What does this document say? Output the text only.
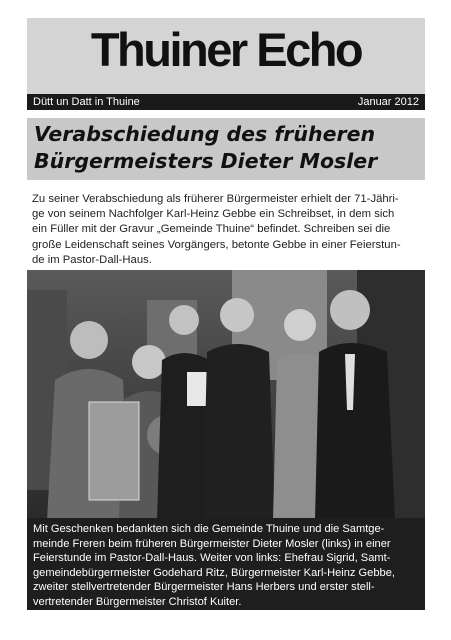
Thuiner Echo
Dütt un Datt in Thuine	Januar 2012
Verabschiedung des früheren
Bürgermeisters Dieter Mosler
Zu seiner Verabschiedung als früherer Bürgermeister erhielt der 71-Jähri-
ge von seinem Nachfolger Karl-Heinz Gebbe ein Schreibset, in dem sich
ein Füller mit der Gravur „Gemeinde Thuine“ befindet. Schreiben sei die
große Leidenschaft seines Vorgängers, betonte Gebbe in einer Feierstun-
de im Pastor-Dall-Haus.
Mit Geschenken bedankten sich die Gemeinde Thuine und die Samtge-
meinde Freren beim früheren Bürgermeister Dieter Mosler (links) in einer
Feierstunde im Pastor-Dall-Haus. Weiter von links: Ehefrau Sigrid, Samt-
gemeindebürgermeister Godehard Ritz, Bürgermeister Karl-Heinz Gebbe,
zweiter stellvertretender Bürgermeister Hans Herbers und erster stell-
vertretender Bürgermeister Christof Kuiter.
